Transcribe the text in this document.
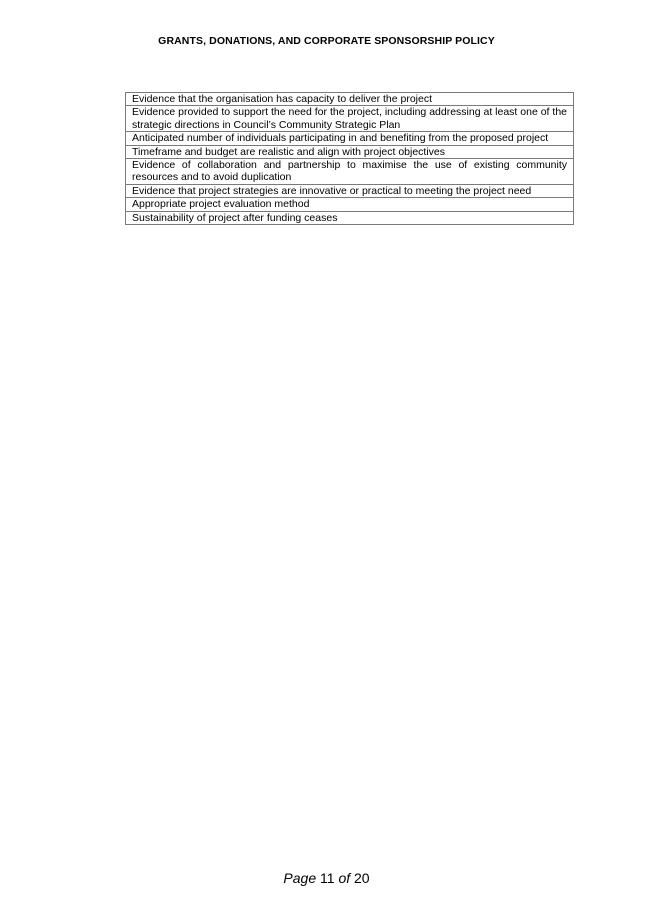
GRANTS, DONATIONS, AND CORPORATE SPONSORSHIP POLICY
Evidence that the organisation has capacity to deliver the project
Evidence provided to support the need for the project, including addressing at least one of the strategic directions in Council’s Community Strategic Plan
Anticipated number of individuals participating in and benefiting from the proposed project
Timeframe and budget are realistic and align with project objectives
Evidence of collaboration and partnership to maximise the use of existing community resources and to avoid duplication
Evidence that project strategies are innovative or practical to meeting the project need
Appropriate project evaluation method
Sustainability of project after funding ceases

Page 11 of 20
